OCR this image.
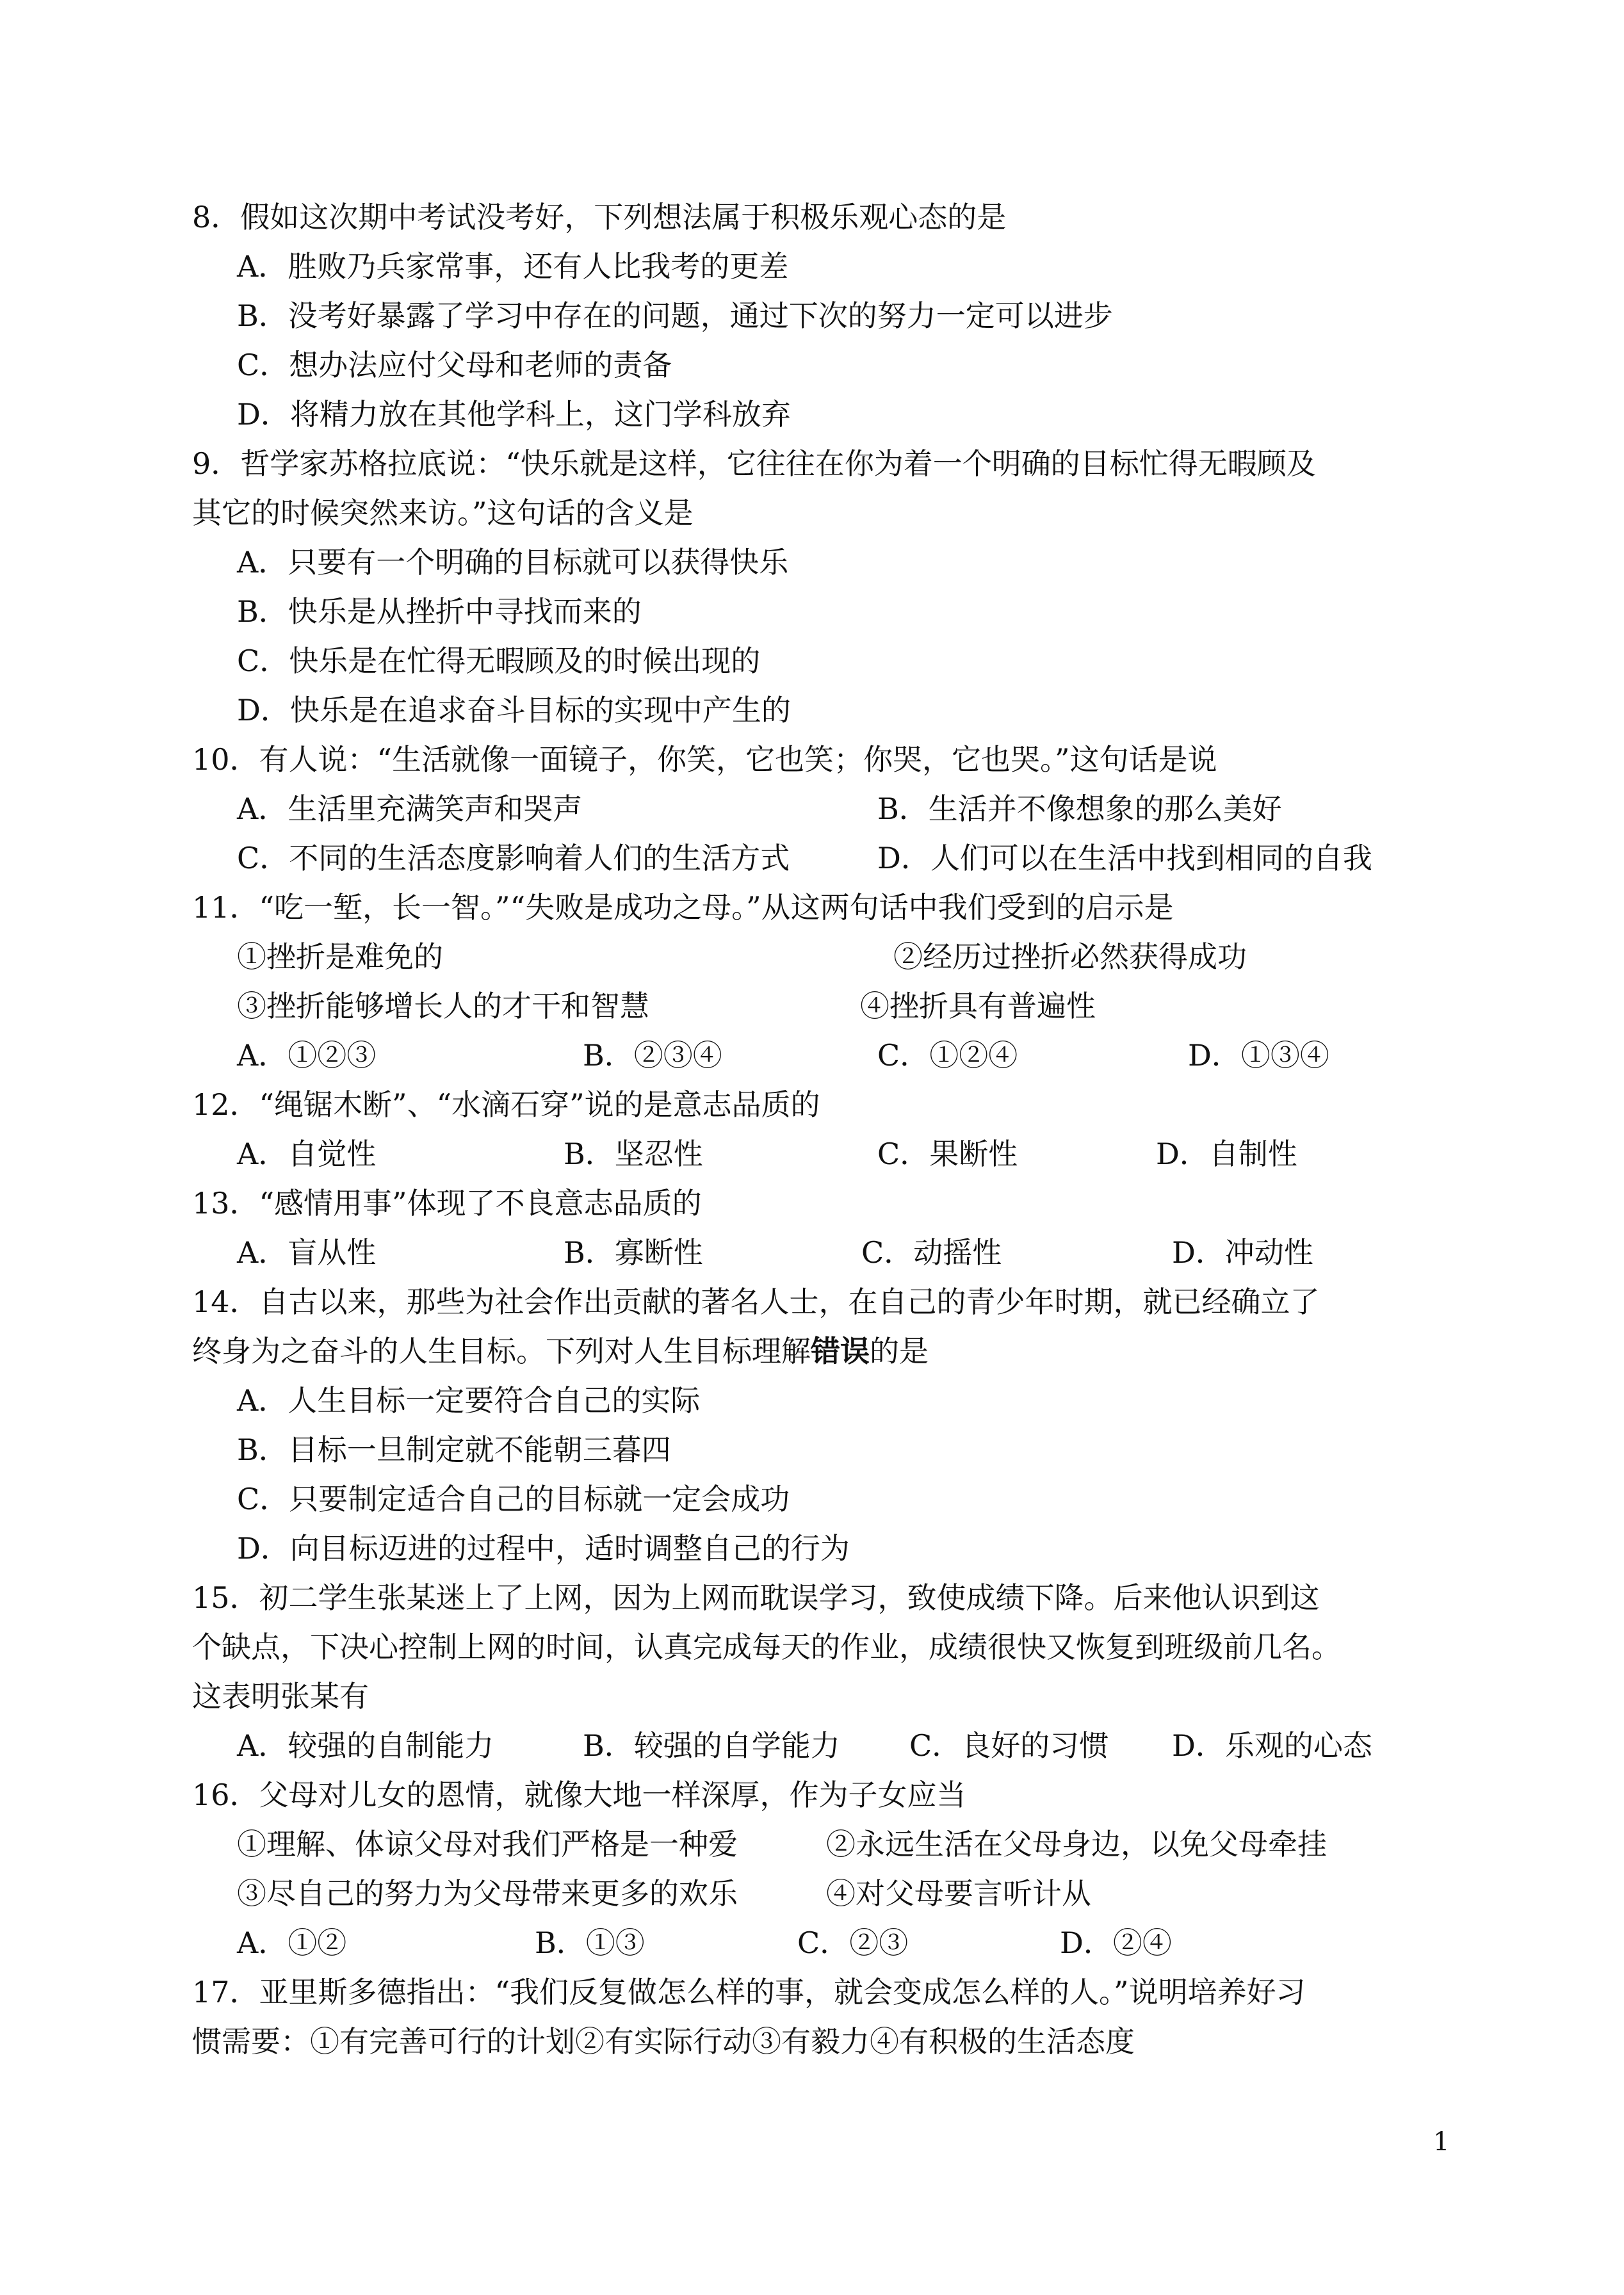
8．假如这次期中考试没考好，下列想法属于积极乐观心态的是
A．胜败乃兵家常事，还有人比我考的更差
B．没考好暴露了学习中存在的问题，通过下次的努力一定可以进步
C．想办法应付父母和老师的责备
D．将精力放在其他学科上，这门学科放弃
9．哲学家苏格拉底说：“快乐就是这样，它往往在你为着一个明确的目标忙得无暇顾及
其它的时候突然来访。”这句话的含义是
A．只要有一个明确的目标就可以获得快乐
B．快乐是从挫折中寻找而来的
C．快乐是在忙得无暇顾及的时候出现的
D．快乐是在追求奋斗目标的实现中产生的
10．有人说：“生活就像一面镜子，你笑，它也笑；你哭，它也哭。”这句话是说
A．生活里充满笑声和哭声	B．生活并不像想象的那么美好
C．不同的生活态度影响着人们的生活方式	D．人们可以在生活中找到相同的自我
11．“吃一堑，长一智。”“失败是成功之母。”从这两句话中我们受到的启示是
①挫折是难免的	②经历过挫折必然获得成功
③挫折能够增长人的才干和智慧	④挫折具有普遍性
A．①②③	B．②③④	C．①②④	D．①③④
12．“绳锯木断”、“水滴石穿”说的是意志品质的
A．自觉性	B．坚忍性	C．果断性	D．自制性
13．“感情用事”体现了不良意志品质的
A．盲从性	B．寡断性	C．动摇性	D．冲动性
14．自古以来，那些为社会作出贡献的著名人士，在自己的青少年时期，就已经确立了
终身为之奋斗的人生目标。下列对人生目标理解错误的是
A．人生目标一定要符合自己的实际
B．目标一旦制定就不能朝三暮四
C．只要制定适合自己的目标就一定会成功
D．向目标迈进的过程中，适时调整自己的行为
15．初二学生张某迷上了上网，因为上网而耽误学习，致使成绩下降。后来他认识到这
个缺点，下决心控制上网的时间，认真完成每天的作业，成绩很快又恢复到班级前几名。
这表明张某有
A．较强的自制能力	B．较强的自学能力 C．良好的习惯 D．乐观的心态
16．父母对儿女的恩情，就像大地一样深厚，作为子女应当
①理解、体谅父母对我们严格是一种爱	②永远生活在父母身边，以免父母牵挂
③尽自己的努力为父母带来更多的欢乐	④对父母要言听计从
A．①②	B．①③	C．②③	D．②④
17．亚里斯多德指出：“我们反复做怎么样的事，就会变成怎么样的人。”说明培养好习
惯需要：①有完善可行的计划②有实际行动③有毅力④有积极的生活态度
1
